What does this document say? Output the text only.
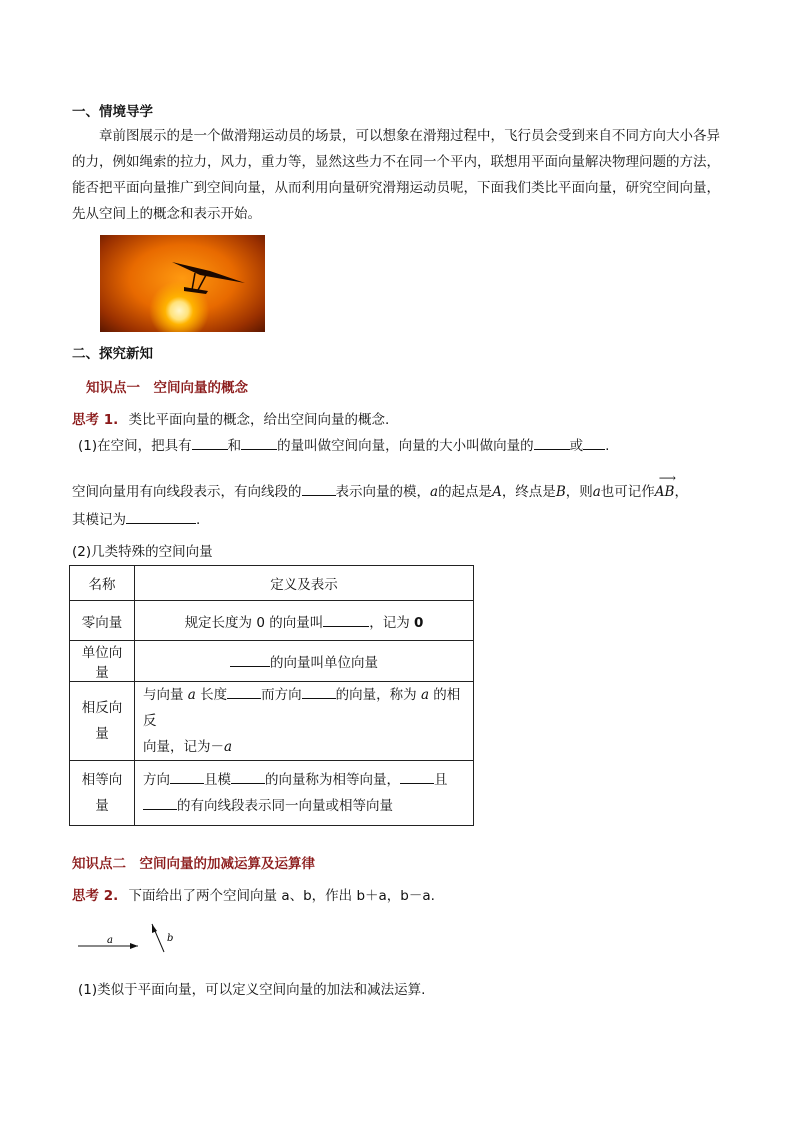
一、情境导学
章前图展示的是一个做滑翔运动员的场景，可以想象在滑翔过程中，飞行员会受到来自不同方向大小各异的力，例如绳索的拉力，风力，重力等，显然这些力不在同一个平内，联想用平面向量解决物理问题的方法，能否把平面向量推广到空间向量，从而利用向量研究滑翔运动员呢，下面我们类比平面向量，研究空间向量，先从空间上的概念和表示开始。
二、探究新知
知识点一　空间向量的概念
思考 1. 类比平面向量的概念，给出空间向量的概念.
(1)在空间，把具有	和	的量叫做空间向量，向量的大小叫做向量的	或 .
空间向量用有向线段表示，有向线段的	表示向量的模，a的起点是A，终点是B，则a也可记作
⟶
AB，
其模记为	.
(2)几类特殊的空间向量
名称	定义及表示
零向量	规定长度为 0 的向量叫 ，记为 0
单位向量	的向量叫单位向量
相反向量	与向量 a 长度 而方向 的向量，称为 a 的相反
向量，记为－a
相等向量	方向 且模 的向量称为相等向量， 且
的有向线段表示同一向量或相等向量
知识点二　空间向量的加减运算及运算律
思考 2. 下面给出了两个空间向量 a、b，作出 b＋a，b－a.
a	b
(1)类似于平面向量，可以定义空间向量的加法和减法运算.
